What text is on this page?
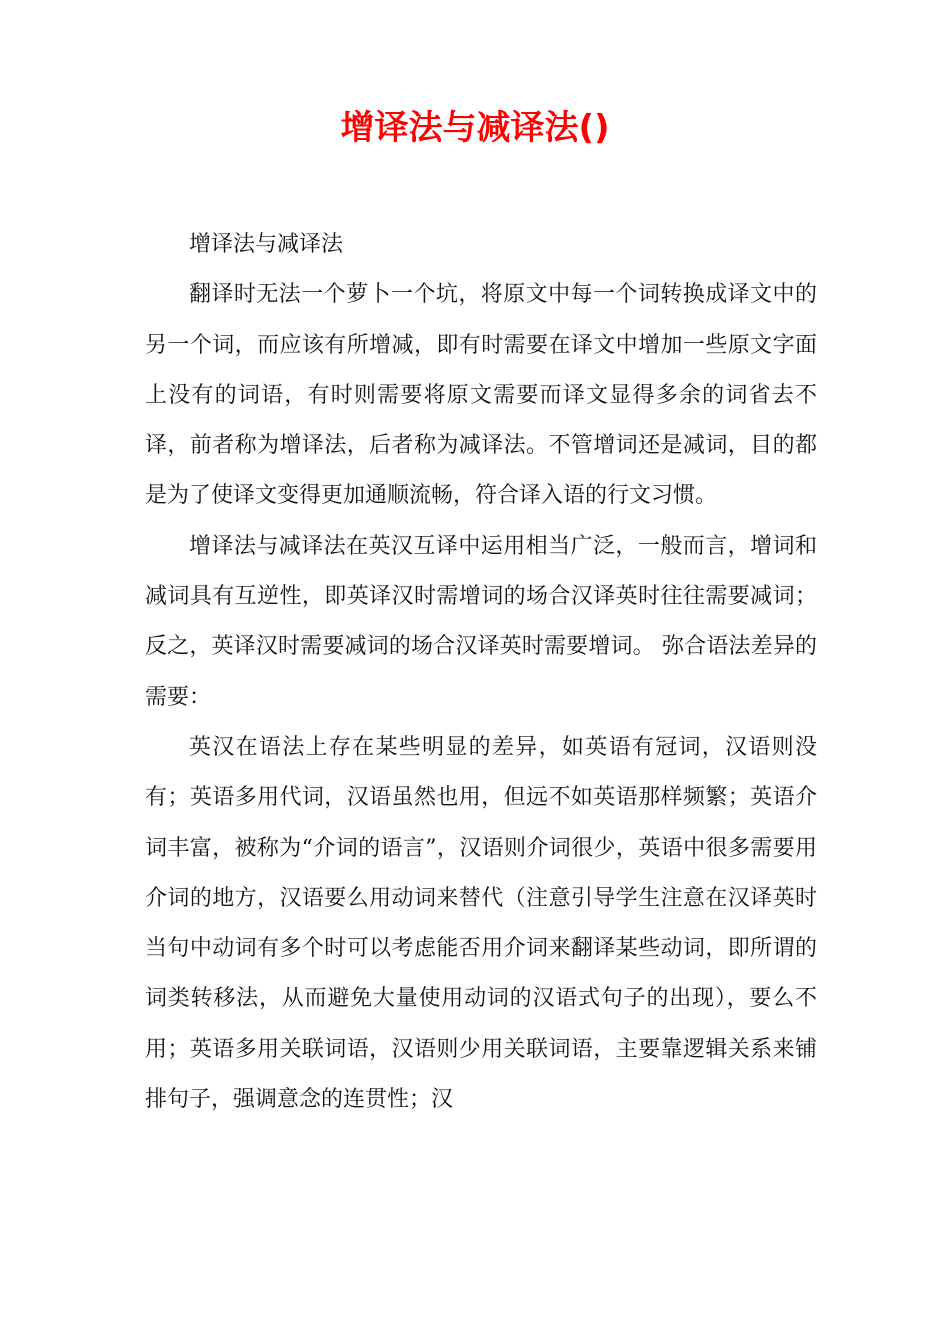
增译法与减译法()

增译法与减译法

翻译时无法一个萝卜一个坑，将原文中每一个词转换成译文中的另一个词，而应该有所增减，即有时需要在译文中增加一些原文字面上没有的词语，有时则需要将原文需要而译文显得多余的词省去不译，前者称为增译法，后者称为减译法。不管增词还是减词，目的都是为了使译文变得更加通顺流畅，符合译入语的行文习惯。

增译法与减译法在英汉互译中运用相当广泛，一般而言，增词和减词具有互逆性，即英译汉时需增词的场合汉译英时往往需要减词；反之，英译汉时需要减词的场合汉译英时需要增词。 弥合语法差异的需要：

英汉在语法上存在某些明显的差异，如英语有冠词，汉语则没有；英语多用代词，汉语虽然也用，但远不如英语那样频繁；英语介词丰富，被称为“介词的语言”，汉语则介词很少，英语中很多需要用介词的地方，汉语要么用动词来替代（注意引导学生注意在汉译英时当句中动词有多个时可以考虑能否用介词来翻译某些动词，即所谓的词类转移法，从而避免大量使用动词的汉语式句子的出现），要么不用；英语多用关联词语，汉语则少用关联词语，主要靠逻辑关系来铺排句子，强调意念的连贯性；汉
